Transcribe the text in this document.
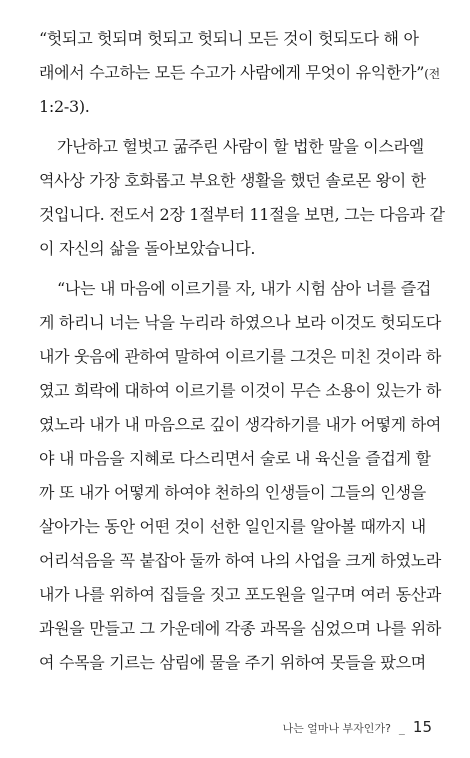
“헛되고 헛되며 헛되고 헛되니 모든 것이 헛되도다 해 아
래에서 수고하는 모든 수고가 사람에게 무엇이 유익한가”(전
1:2-3).
가난하고 헐벗고 굶주린 사람이 할 법한 말을 이스라엘
역사상 가장 호화롭고 부요한 생활을 했던 솔로몬 왕이 한
것입니다. 전도서 2장 1절부터 11절을 보면, 그는 다음과 같
이 자신의 삶을 돌아보았습니다.
“나는 내 마음에 이르기를 자, 내가 시험 삼아 너를 즐겁
게 하리니 너는 낙을 누리라 하였으나 보라 이것도 헛되도다
내가 웃음에 관하여 말하여 이르기를 그것은 미친 것이라 하
였고 희락에 대하여 이르기를 이것이 무슨 소용이 있는가 하
였노라 내가 내 마음으로 깊이 생각하기를 내가 어떻게 하여
야 내 마음을 지혜로 다스리면서 술로 내 육신을 즐겁게 할
까 또 내가 어떻게 하여야 천하의 인생들이 그들의 인생을
살아가는 동안 어떤 것이 선한 일인지를 알아볼 때까지 내
어리석음을 꼭 붙잡아 둘까 하여 나의 사업을 크게 하였노라
내가 나를 위하여 집들을 짓고 포도원을 일구며 여러 동산과
과원을 만들고 그 가운데에 각종 과목을 심었으며 나를 위하
여 수목을 기르는 삼림에 물을 주기 위하여 못들을 팠으며
나는 얼마나 부자인가? _ 15
